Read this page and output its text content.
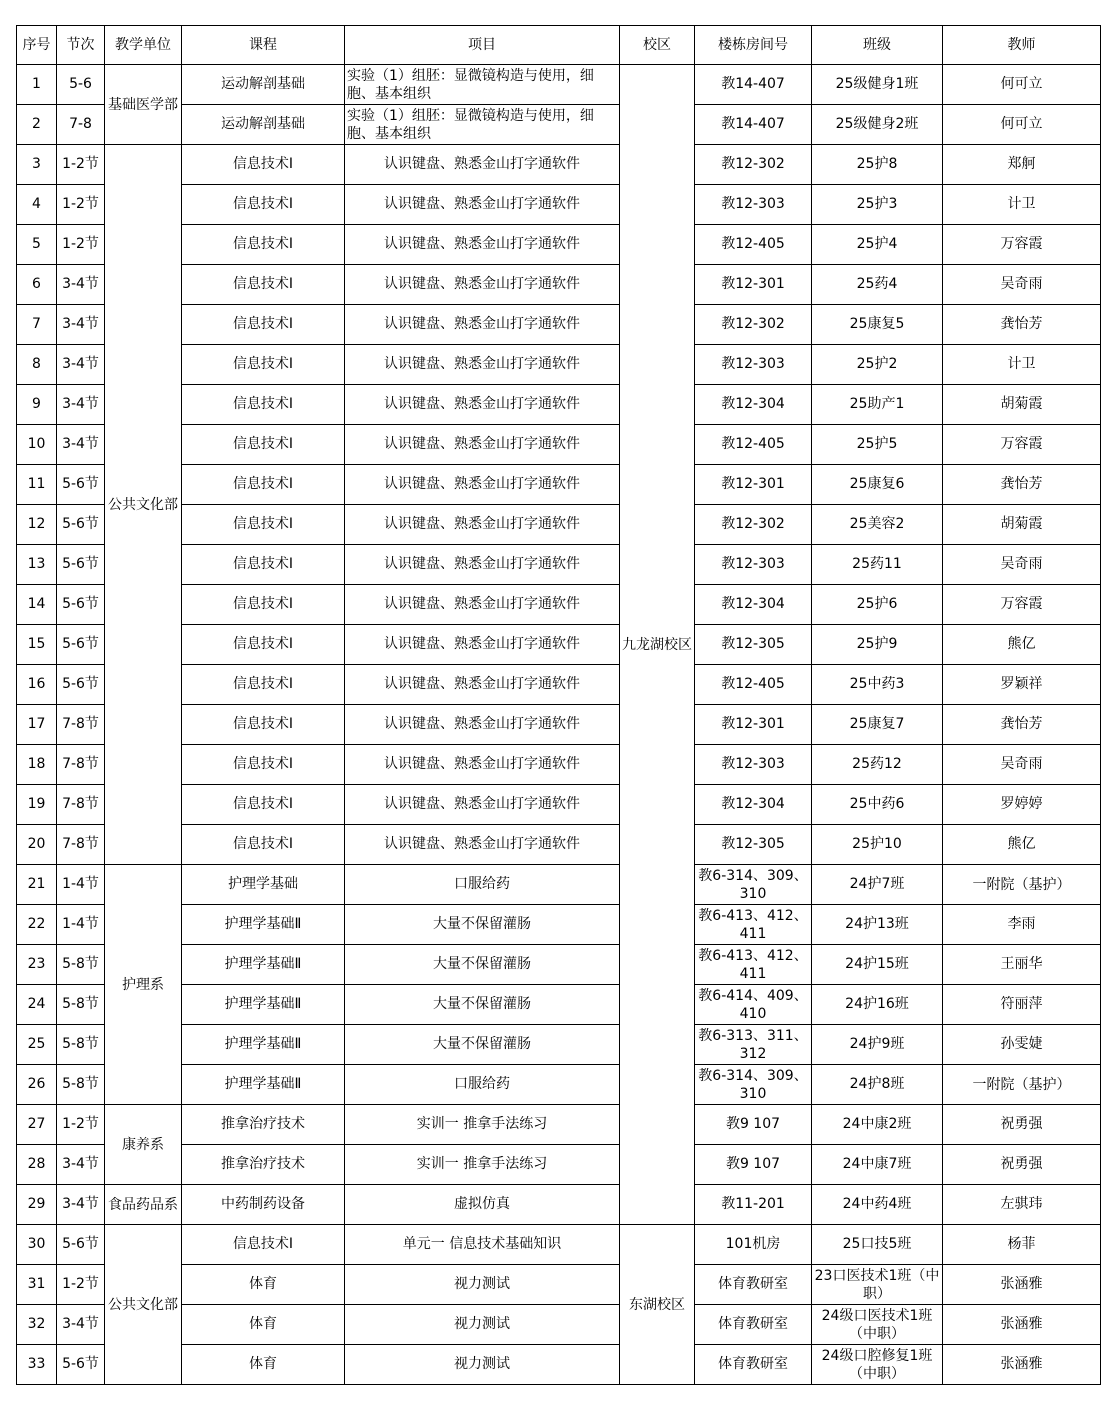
序号	节次	教学单位	课程	项目	校区	楼栋房间号	班级	教师
1	5-6	基础医学部	运动解剖基础	实验（1）组胚：显微镜构造与使用，细胞、基本组织	九龙湖校区	教14-407	25级健身1班	何可立
2	7-8		运动解剖基础	实验（1）组胚：显微镜构造与使用，细胞、基本组织		教14-407	25级健身2班	何可立
3	1-2节	公共文化部	信息技术Ⅰ	认识键盘、熟悉金山打字通软件		教12-302	25护8	郑舸
4	1-2节		信息技术Ⅰ	认识键盘、熟悉金山打字通软件		教12-303	25护3	计卫
5	1-2节		信息技术Ⅰ	认识键盘、熟悉金山打字通软件		教12-405	25护4	万容霞
6	3-4节		信息技术Ⅰ	认识键盘、熟悉金山打字通软件		教12-301	25药4	吴奇雨
7	3-4节		信息技术Ⅰ	认识键盘、熟悉金山打字通软件		教12-302	25康复5	龚怡芳
8	3-4节		信息技术Ⅰ	认识键盘、熟悉金山打字通软件		教12-303	25护2	计卫
9	3-4节		信息技术Ⅰ	认识键盘、熟悉金山打字通软件		教12-304	25助产1	胡菊霞
10	3-4节		信息技术Ⅰ	认识键盘、熟悉金山打字通软件		教12-405	25护5	万容霞
11	5-6节		信息技术Ⅰ	认识键盘、熟悉金山打字通软件		教12-301	25康复6	龚怡芳
12	5-6节		信息技术Ⅰ	认识键盘、熟悉金山打字通软件		教12-302	25美容2	胡菊霞
13	5-6节		信息技术Ⅰ	认识键盘、熟悉金山打字通软件		教12-303	25药11	吴奇雨
14	5-6节		信息技术Ⅰ	认识键盘、熟悉金山打字通软件		教12-304	25护6	万容霞
15	5-6节		信息技术Ⅰ	认识键盘、熟悉金山打字通软件		教12-305	25护9	熊亿
16	5-6节		信息技术Ⅰ	认识键盘、熟悉金山打字通软件		教12-405	25中药3	罗颖祥
17	7-8节		信息技术Ⅰ	认识键盘、熟悉金山打字通软件		教12-301	25康复7	龚怡芳
18	7-8节		信息技术Ⅰ	认识键盘、熟悉金山打字通软件		教12-303	25药12	吴奇雨
19	7-8节		信息技术Ⅰ	认识键盘、熟悉金山打字通软件		教12-304	25中药6	罗婷婷
20	7-8节		信息技术Ⅰ	认识键盘、熟悉金山打字通软件		教12-305	25护10	熊亿
21	1-4节	护理系	护理学基础	口服给药		教6-314、309、310	24护7班	一附院（基护）
22	1-4节		护理学基础Ⅱ	大量不保留灌肠		教6-413、412、411	24护13班	李雨
23	5-8节		护理学基础Ⅱ	大量不保留灌肠		教6-413、412、411	24护15班	王丽华
24	5-8节		护理学基础Ⅱ	大量不保留灌肠		教6-414、409、410	24护16班	符丽萍
25	5-8节		护理学基础Ⅱ	大量不保留灌肠		教6-313、311、312	24护9班	孙雯婕
26	5-8节		护理学基础Ⅱ	口服给药		教6-314、309、310	24护8班	一附院（基护）
27	1-2节	康养系	推拿治疗技术	实训一 推拿手法练习		教9 107	24中康2班	祝勇强
28	3-4节		推拿治疗技术	实训一 推拿手法练习		教9 107	24中康7班	祝勇强
29	3-4节	食品药品系	中药制药设备	虚拟仿真		教11-201	24中药4班	左骐玮
30	5-6节	公共文化部	信息技术Ⅰ	单元一 信息技术基础知识	东湖校区	101机房	25口技5班	杨菲
31	1-2节		体育	视力测试		体育教研室	23口医技术1班（中职）	张涵雅
32	3-4节		体育	视力测试		体育教研室	24级口医技术1班（中职）	张涵雅
33	5-6节		体育	视力测试		体育教研室	24级口腔修复1班（中职）	张涵雅
